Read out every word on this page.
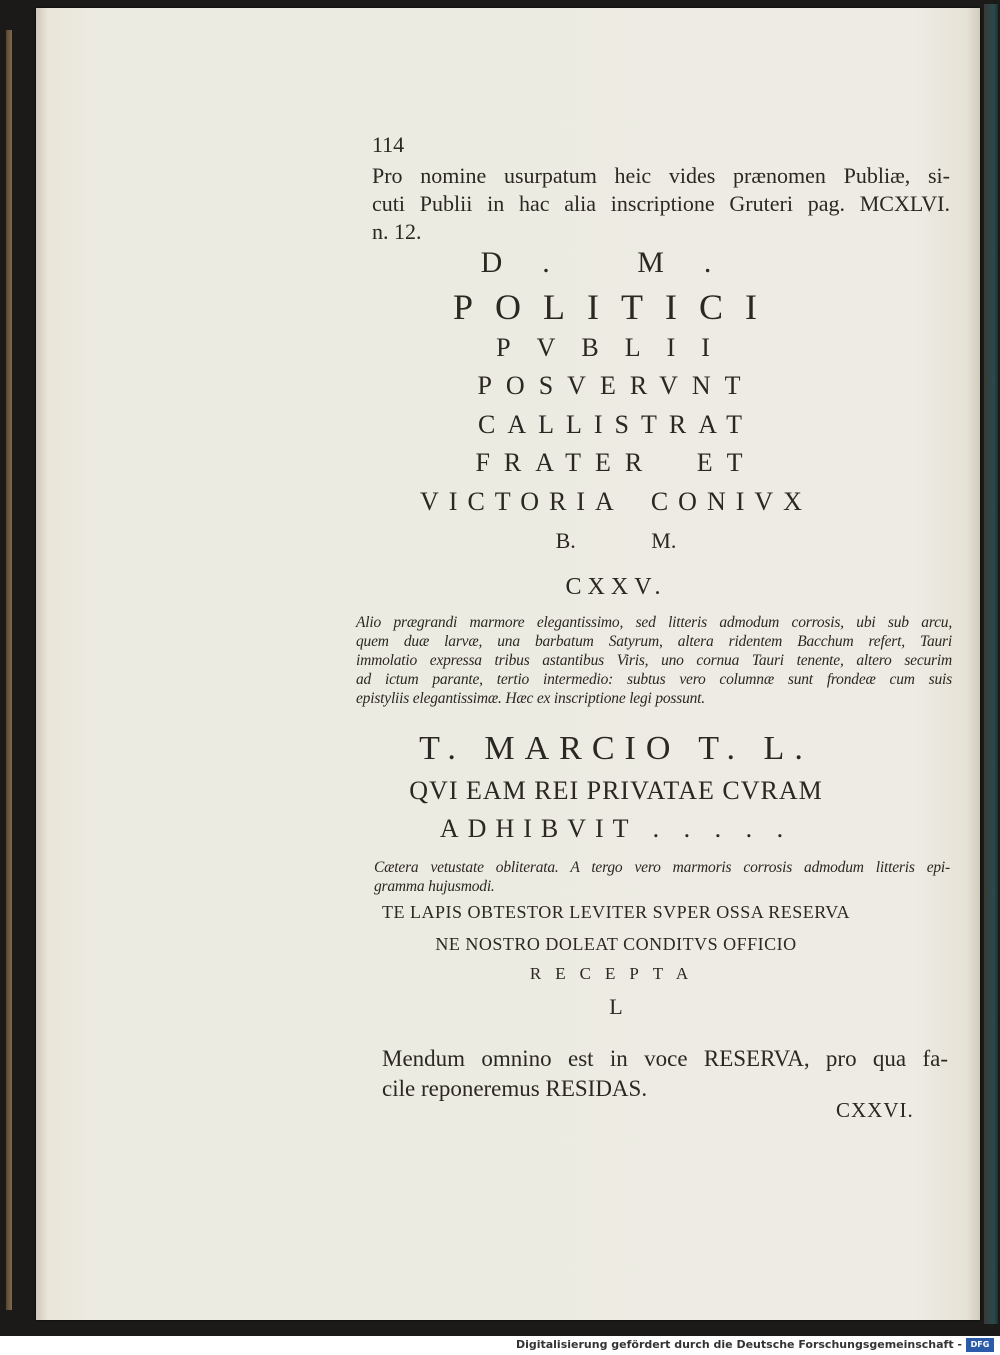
114
Pro nomine usurpatum heic vides prænomen Publiæ, si-
cuti Publii in hac alia inscriptione Gruteri pag. MCXLVI.
n. 12.
D. M.
POLITICI
PVBLII
POSVERVNT
CALLISTRAT
FRATER ET
VICTORIA CONIVX
B. M.
CXXV.
Alio prægrandi marmore elegantissimo, sed litteris admodum corrosis, ubi sub arcu,
quem duæ larvæ, una barbatum Satyrum, altera ridentem Bacchum refert, Tauri
immolatio expressa tribus astantibus Viris, uno cornua Tauri tenente, altero securim
ad ictum parante, tertio intermedio: subtus vero columnæ sunt frondeæ cum suis
epistyliis elegantissimæ. Hæc ex inscriptione legi possunt.
T. MARCIO T. L.
QVI EAM REI PRIVATAE CVRAM
ADHIBVIT . . . . .
Cætera vetustate obliterata. A tergo vero marmoris corrosis admodum litteris epi-
gramma hujusmodi.
TE LAPIS OBTESTOR LEVITER SVPER OSSA RESERVA
NE NOSTRO DOLEAT CONDITVS OFFICIO
RECEPTA
L
Mendum omnino est in voce RESERVA, pro qua fa-
cile reponeremus RESIDAS.
CXXVI.
Digitalisierung gefördert durch die Deutsche Forschungsgemeinschaft -	DFG
